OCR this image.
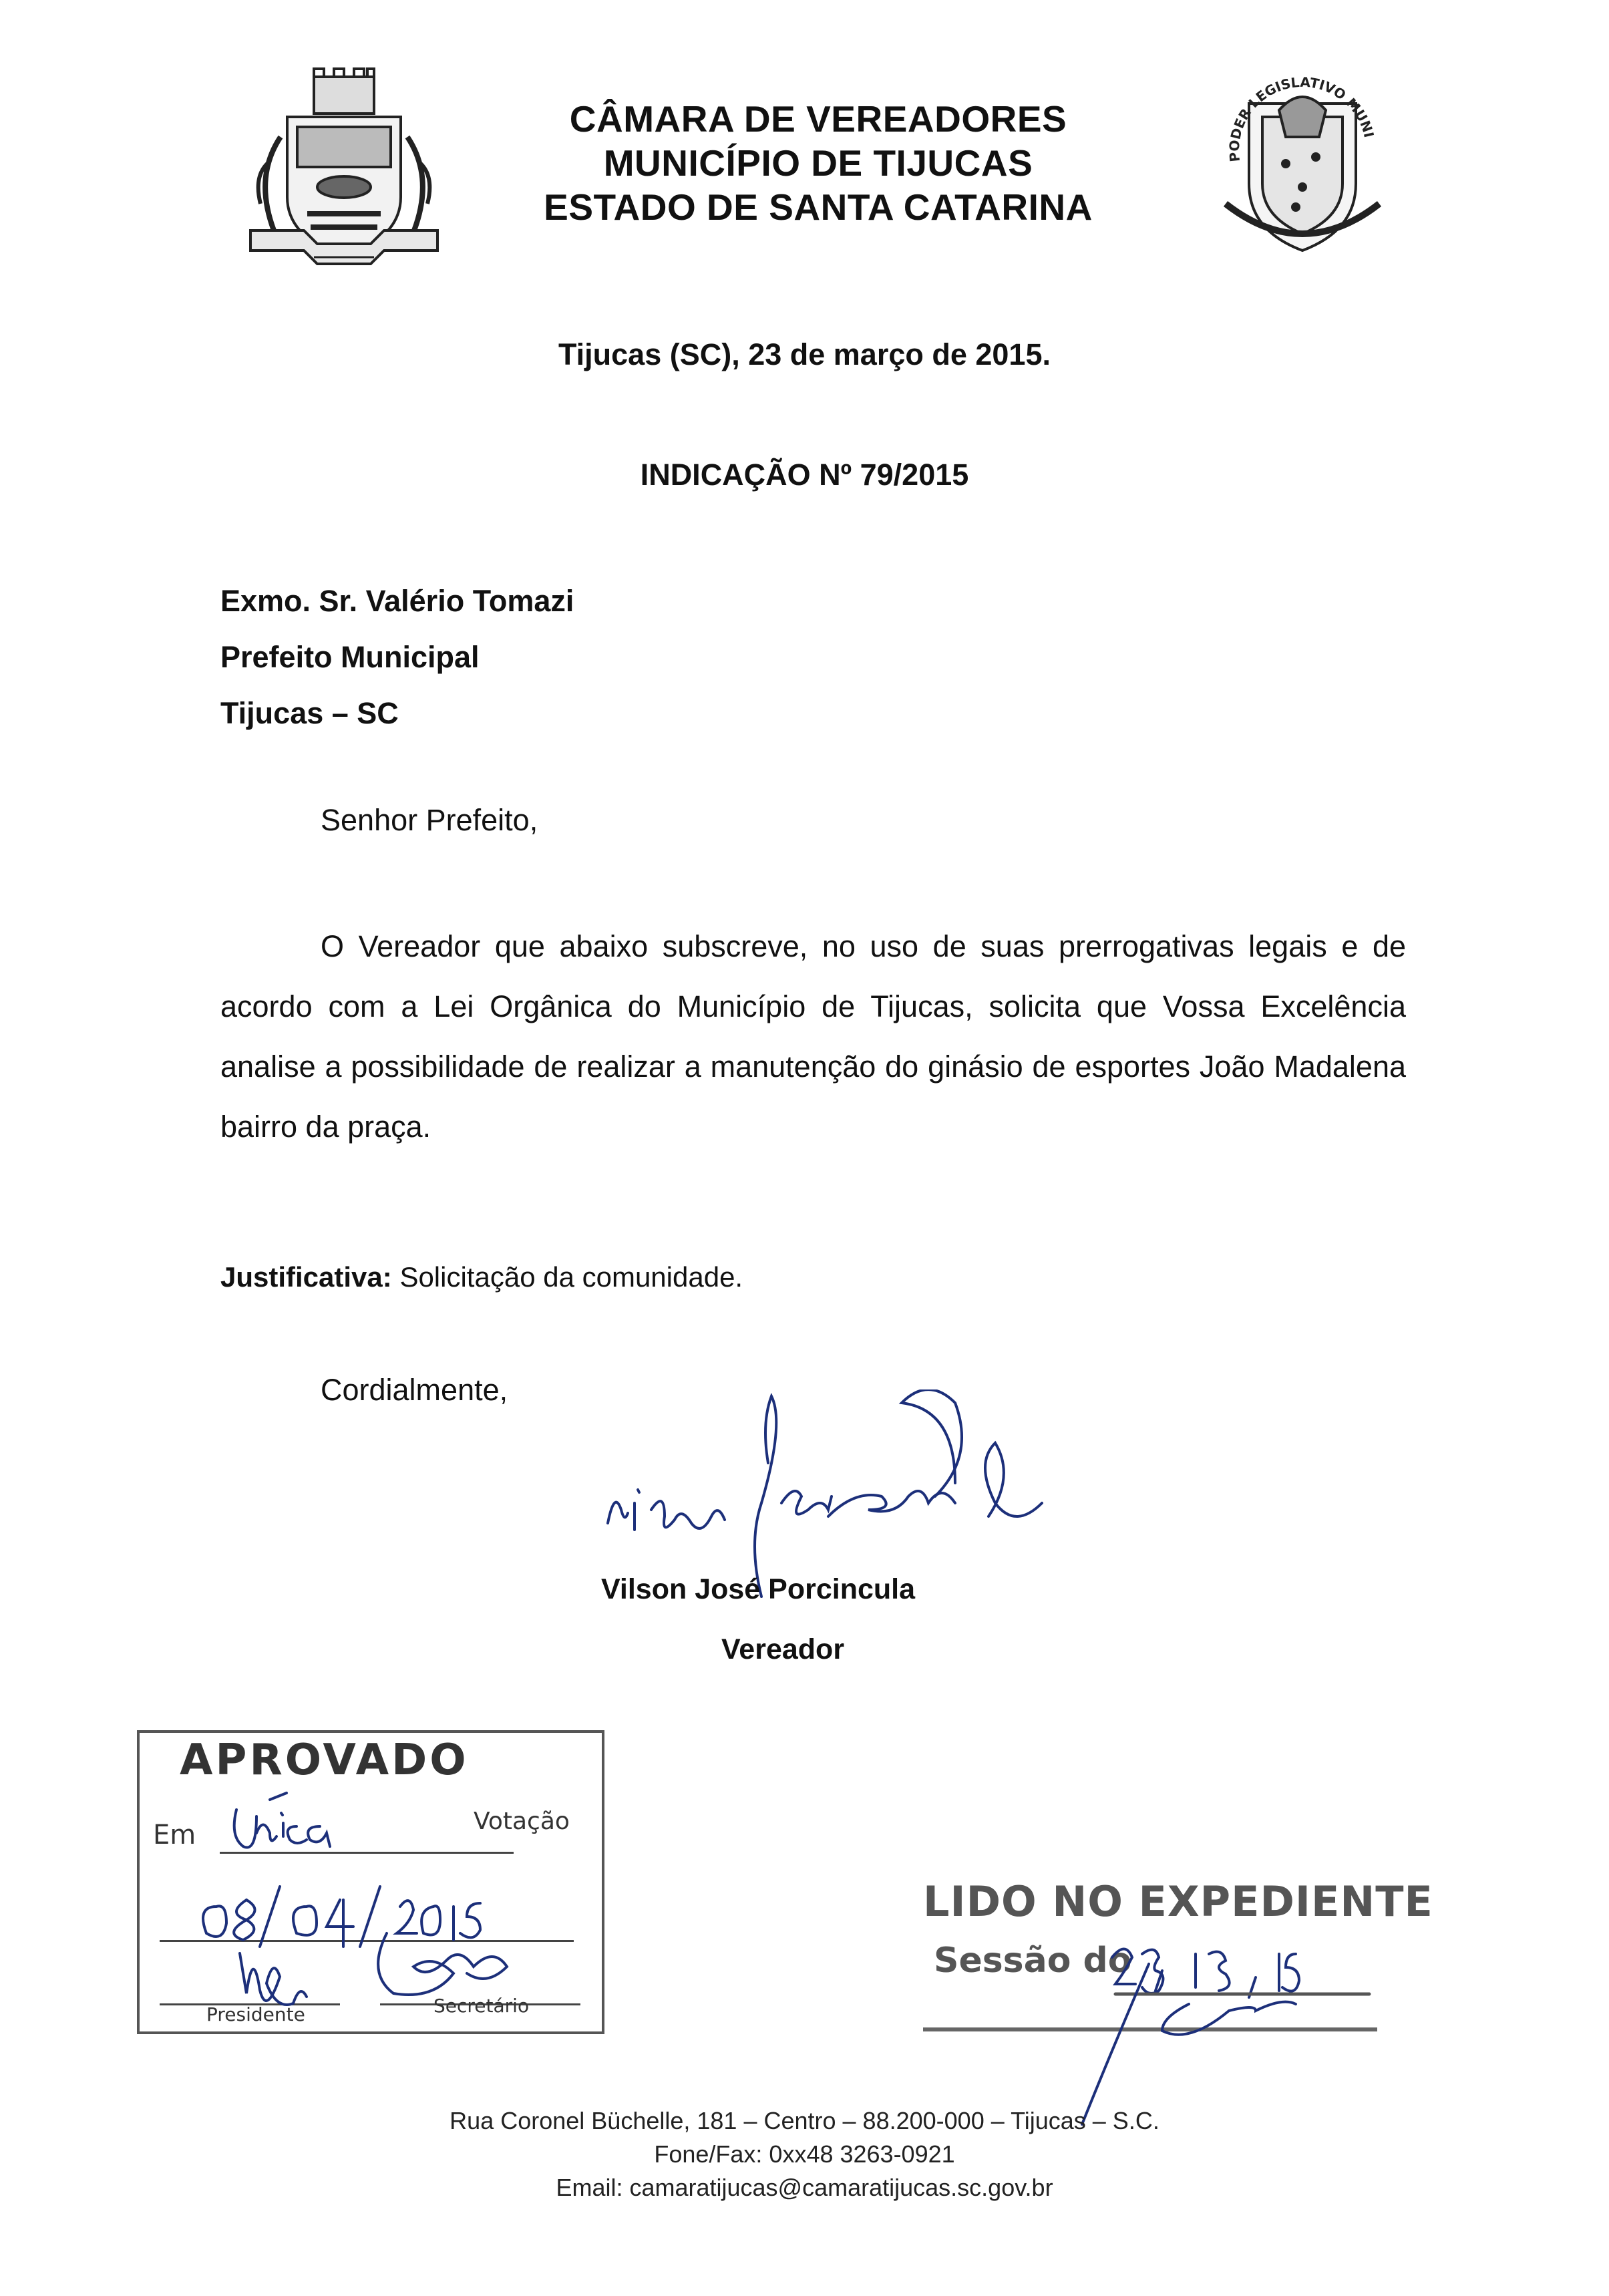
CÂMARA DE VEREADORES
MUNICÍPIO DE TIJUCAS
ESTADO DE SANTA CATARINA
PODER LEGISLATIVO MUNICIPAL
Tijucas (SC), 23 de março de 2015.
INDICAÇÃO Nº 79/2015
Exmo. Sr. Valério Tomazi
Prefeito Municipal
Tijucas – SC
Senhor Prefeito,
O Vereador que abaixo subscreve, no uso de suas prerrogativas legais e de acordo com a Lei Orgânica do Município de Tijucas, solicita que Vossa Excelência analise a possibilidade de realizar a manutenção do ginásio de esportes João Madalena bairro da praça.
Justificativa: Solicitação da comunidade.
Cordialmente,
Vilson José Porcincula
Vereador
APROVADO
Em	Votação
Presidente	Secretário
LIDO NO EXPEDIENTE
Sessão do
Rua Coronel Büchelle, 181 – Centro – 88.200-000 – Tijucas – S.C.
Fone/Fax: 0xx48 3263-0921
Email: camaratijucas@camaratijucas.sc.gov.br
